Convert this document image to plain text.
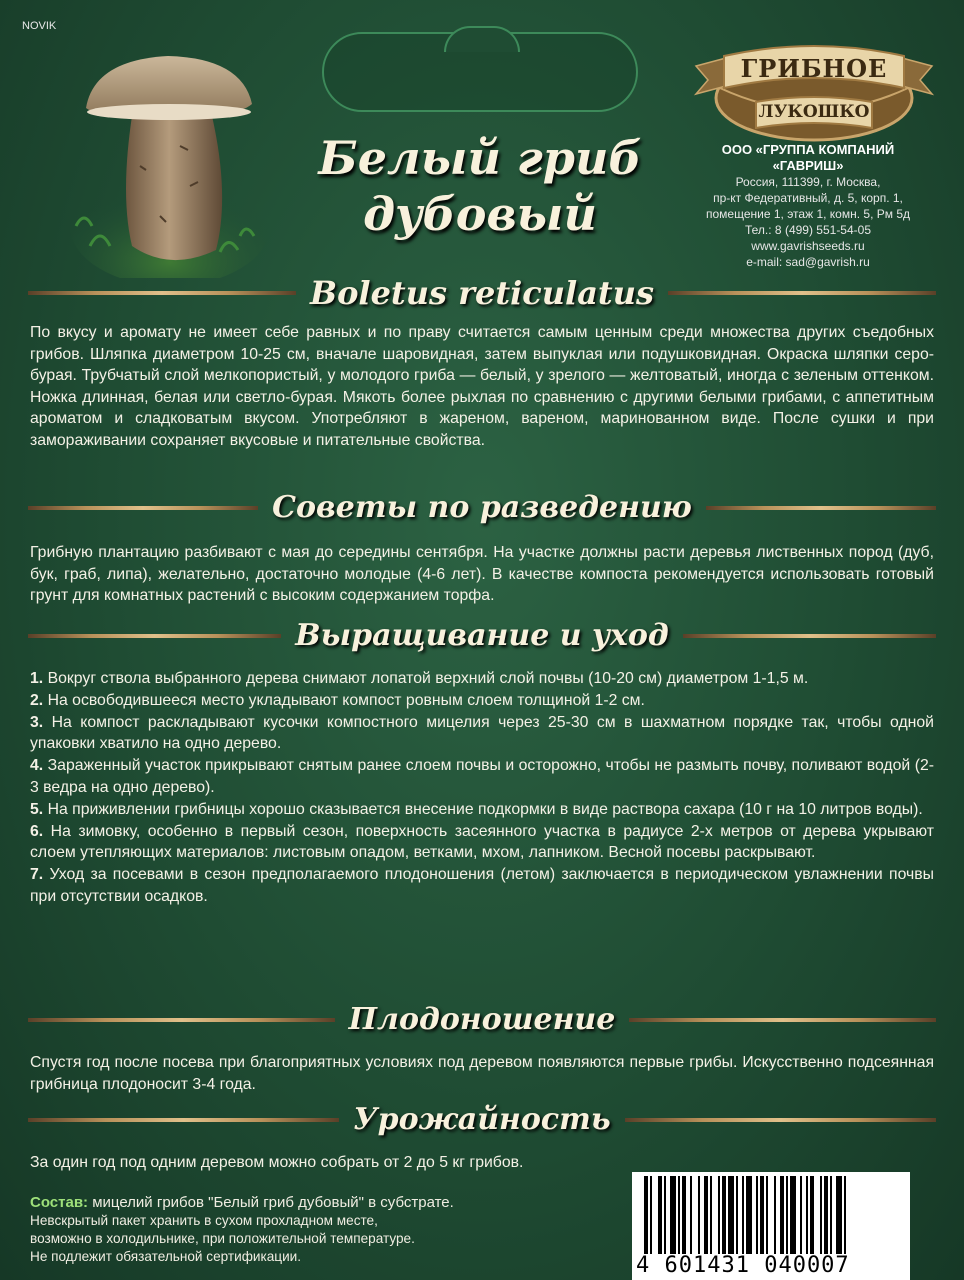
NOVIK
Белый гриб
дубовый
ГРИБНОЕ
ЛУКОШКО
ООО «ГРУППА КОМПАНИЙ
«ГАВРИШ»
Россия, 111399, г. Москва,
пр-кт Федеративный, д. 5, корп. 1,
помещение 1, этаж 1, комн. 5, Рм 5д
Тел.: 8 (499) 551-54-05
www.gavrishseeds.ru
e-mail: sad@gavrish.ru
Boletus reticulatus
По вкусу и аромату не имеет себе равных и по праву считается самым ценным среди множества других съедобных грибов. Шляпка диаметром 10-25 см, вначале шаровидная, затем выпуклая или подушковидная. Окраска шляпки серо-бурая. Трубчатый слой мелкопористый, у молодого гриба — белый, у зрелого — желтоватый, иногда с зеленым оттенком. Ножка длинная, белая или светло-бурая. Мякоть более рыхлая по сравнению с другими белыми грибами, с аппетитным ароматом и сладковатым вкусом. Употребляют в жареном, вареном, маринованном виде. После сушки и при замораживании сохраняет вкусовые и питательные свойства.
Советы по разведению
Грибную плантацию разбивают с мая до середины сентября. На участке должны расти деревья лиственных пород (дуб, бук, граб, липа), желательно, достаточно молодые (4-6 лет). В качестве компоста рекомендуется использовать готовый грунт для комнатных растений с высоким содержанием торфа.
Выращивание и уход
1. Вокруг ствола выбранного дерева снимают лопатой верхний слой почвы (10-20 см) диаметром 1-1,5 м.
2. На освободившееся место укладывают компост ровным слоем толщиной 1-2 см.
3. На компост раскладывают кусочки компостного мицелия через 25-30 см в шахматном порядке так, чтобы одной упаковки хватило на одно дерево.
4. Зараженный участок прикрывают снятым ранее слоем почвы и осторожно, чтобы не размыть почву, поливают водой (2-3 ведра на одно дерево).
5. На приживлении грибницы хорошо сказывается внесение подкормки в виде раствора сахара (10 г на 10 литров воды).
6. На зимовку, особенно в первый сезон, поверхность засеянного участка в радиусе 2-х метров от дерева укрывают слоем утепляющих материалов: листовым опадом, ветками, мхом, лапником. Весной посевы раскрывают.
7. Уход за посевами в сезон предполагаемого плодоношения (летом) заключается в периодическом увлажнении почвы при отсутствии осадков.
Плодоношение
Спустя год после посева при благоприятных условиях под деревом появляются первые грибы. Искусственно подсеянная грибница плодоносит 3-4 года.
Урожайность
За один год под одним деревом можно собрать от 2 до 5 кг грибов.
Состав: мицелий грибов "Белый гриб дубовый" в субстрате.
Невскрытый пакет хранить в сухом прохладном месте,
возможно в холодильнике, при положительной температуре.
Не подлежит обязательной сертификации.	4 601431 040007
